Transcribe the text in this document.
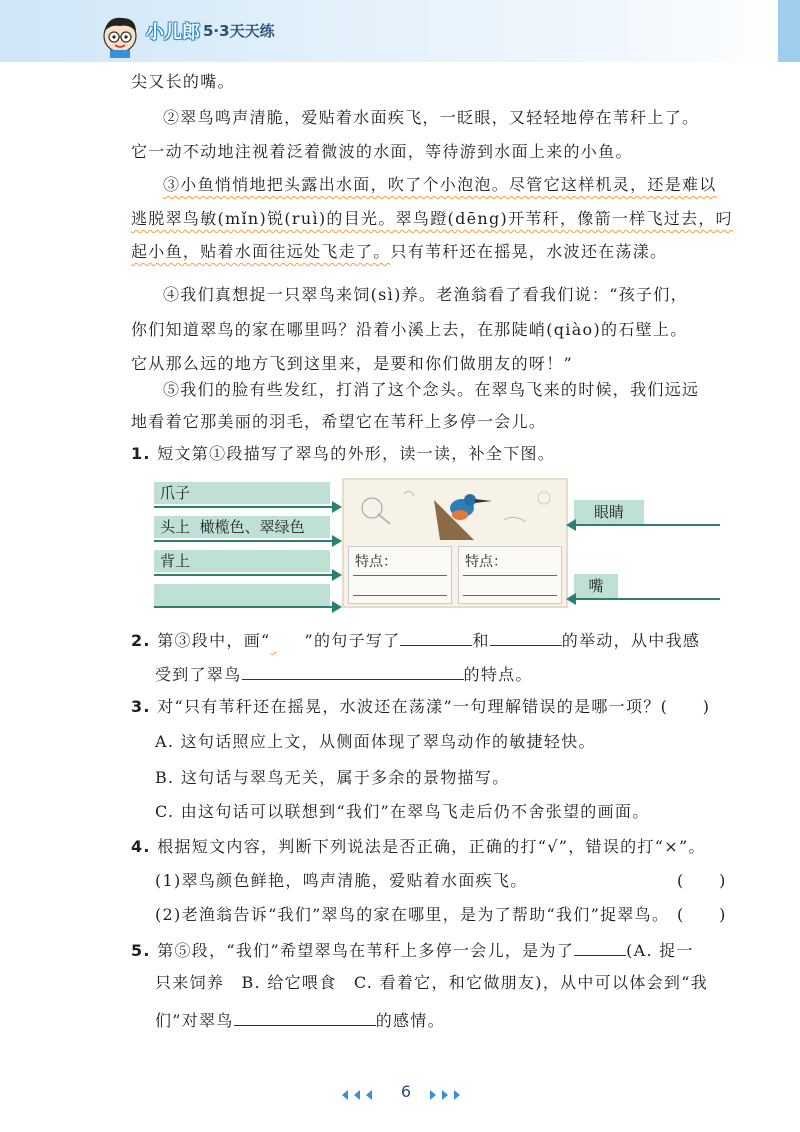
小儿郎 5·3天天练
尖又长的嘴。
②翠鸟鸣声清脆，爱贴着水面疾飞，一眨眼，又轻轻地停在苇秆上了。
它一动不动地注视着泛着微波的水面，等待游到水面上来的小鱼。
③小鱼悄悄地把头露出水面，吹了个小泡泡。尽管它这样机灵，还是难以
逃脱翠鸟敏(mǐn)锐(ruì)的目光。翠鸟蹬(dēng)开苇秆，像箭一样飞过去，叼
起小鱼，贴着水面往远处飞走了。只有苇秆还在摇晃，水波还在荡漾。
④我们真想捉一只翠鸟来饲(sì)养。老渔翁看了看我们说：“孩子们，
你们知道翠鸟的家在哪里吗？沿着小溪上去，在那陡峭(qiào)的石壁上。
它从那么远的地方飞到这里来，是要和你们做朋友的呀！”
⑤我们的脸有些发红，打消了这个念头。在翠鸟飞来的时候，我们远远
地看着它那美丽的羽毛，希望它在苇秆上多停一会儿。
1. 短文第①段描写了翠鸟的外形，读一读，补全下图。
爪子
头上 橄榄色、翠绿色
背上	特点：	特点：
眼睛
嘴
2. 第③段中，画“ ”的句子写了	和	的举动，从中我感
受到了翠鸟	的特点。
3. 对“只有苇秆还在摇晃，水波还在荡漾”一句理解错误的是哪一项？(　　)
A. 这句话照应上文，从侧面体现了翠鸟动作的敏捷轻快。
B. 这句话与翠鸟无关，属于多余的景物描写。
C. 由这句话可以联想到“我们”在翠鸟飞走后仍不舍张望的画面。
4. 根据短文内容，判断下列说法是否正确，正确的打“√”，错误的打“×”。
(1)翠鸟颜色鲜艳，鸣声清脆，爱贴着水面疾飞。	(　　)
(2)老渔翁告诉“我们”翠鸟的家在哪里，是为了帮助“我们”捉翠鸟。 (　　)
5. 第⑤段，“我们”希望翠鸟在苇秆上多停一会儿，是为了	(A. 捉一
只来饲养　B. 给它喂食　C. 看着它，和它做朋友)，从中可以体会到“我
们”对翠鸟	的感情。
6
